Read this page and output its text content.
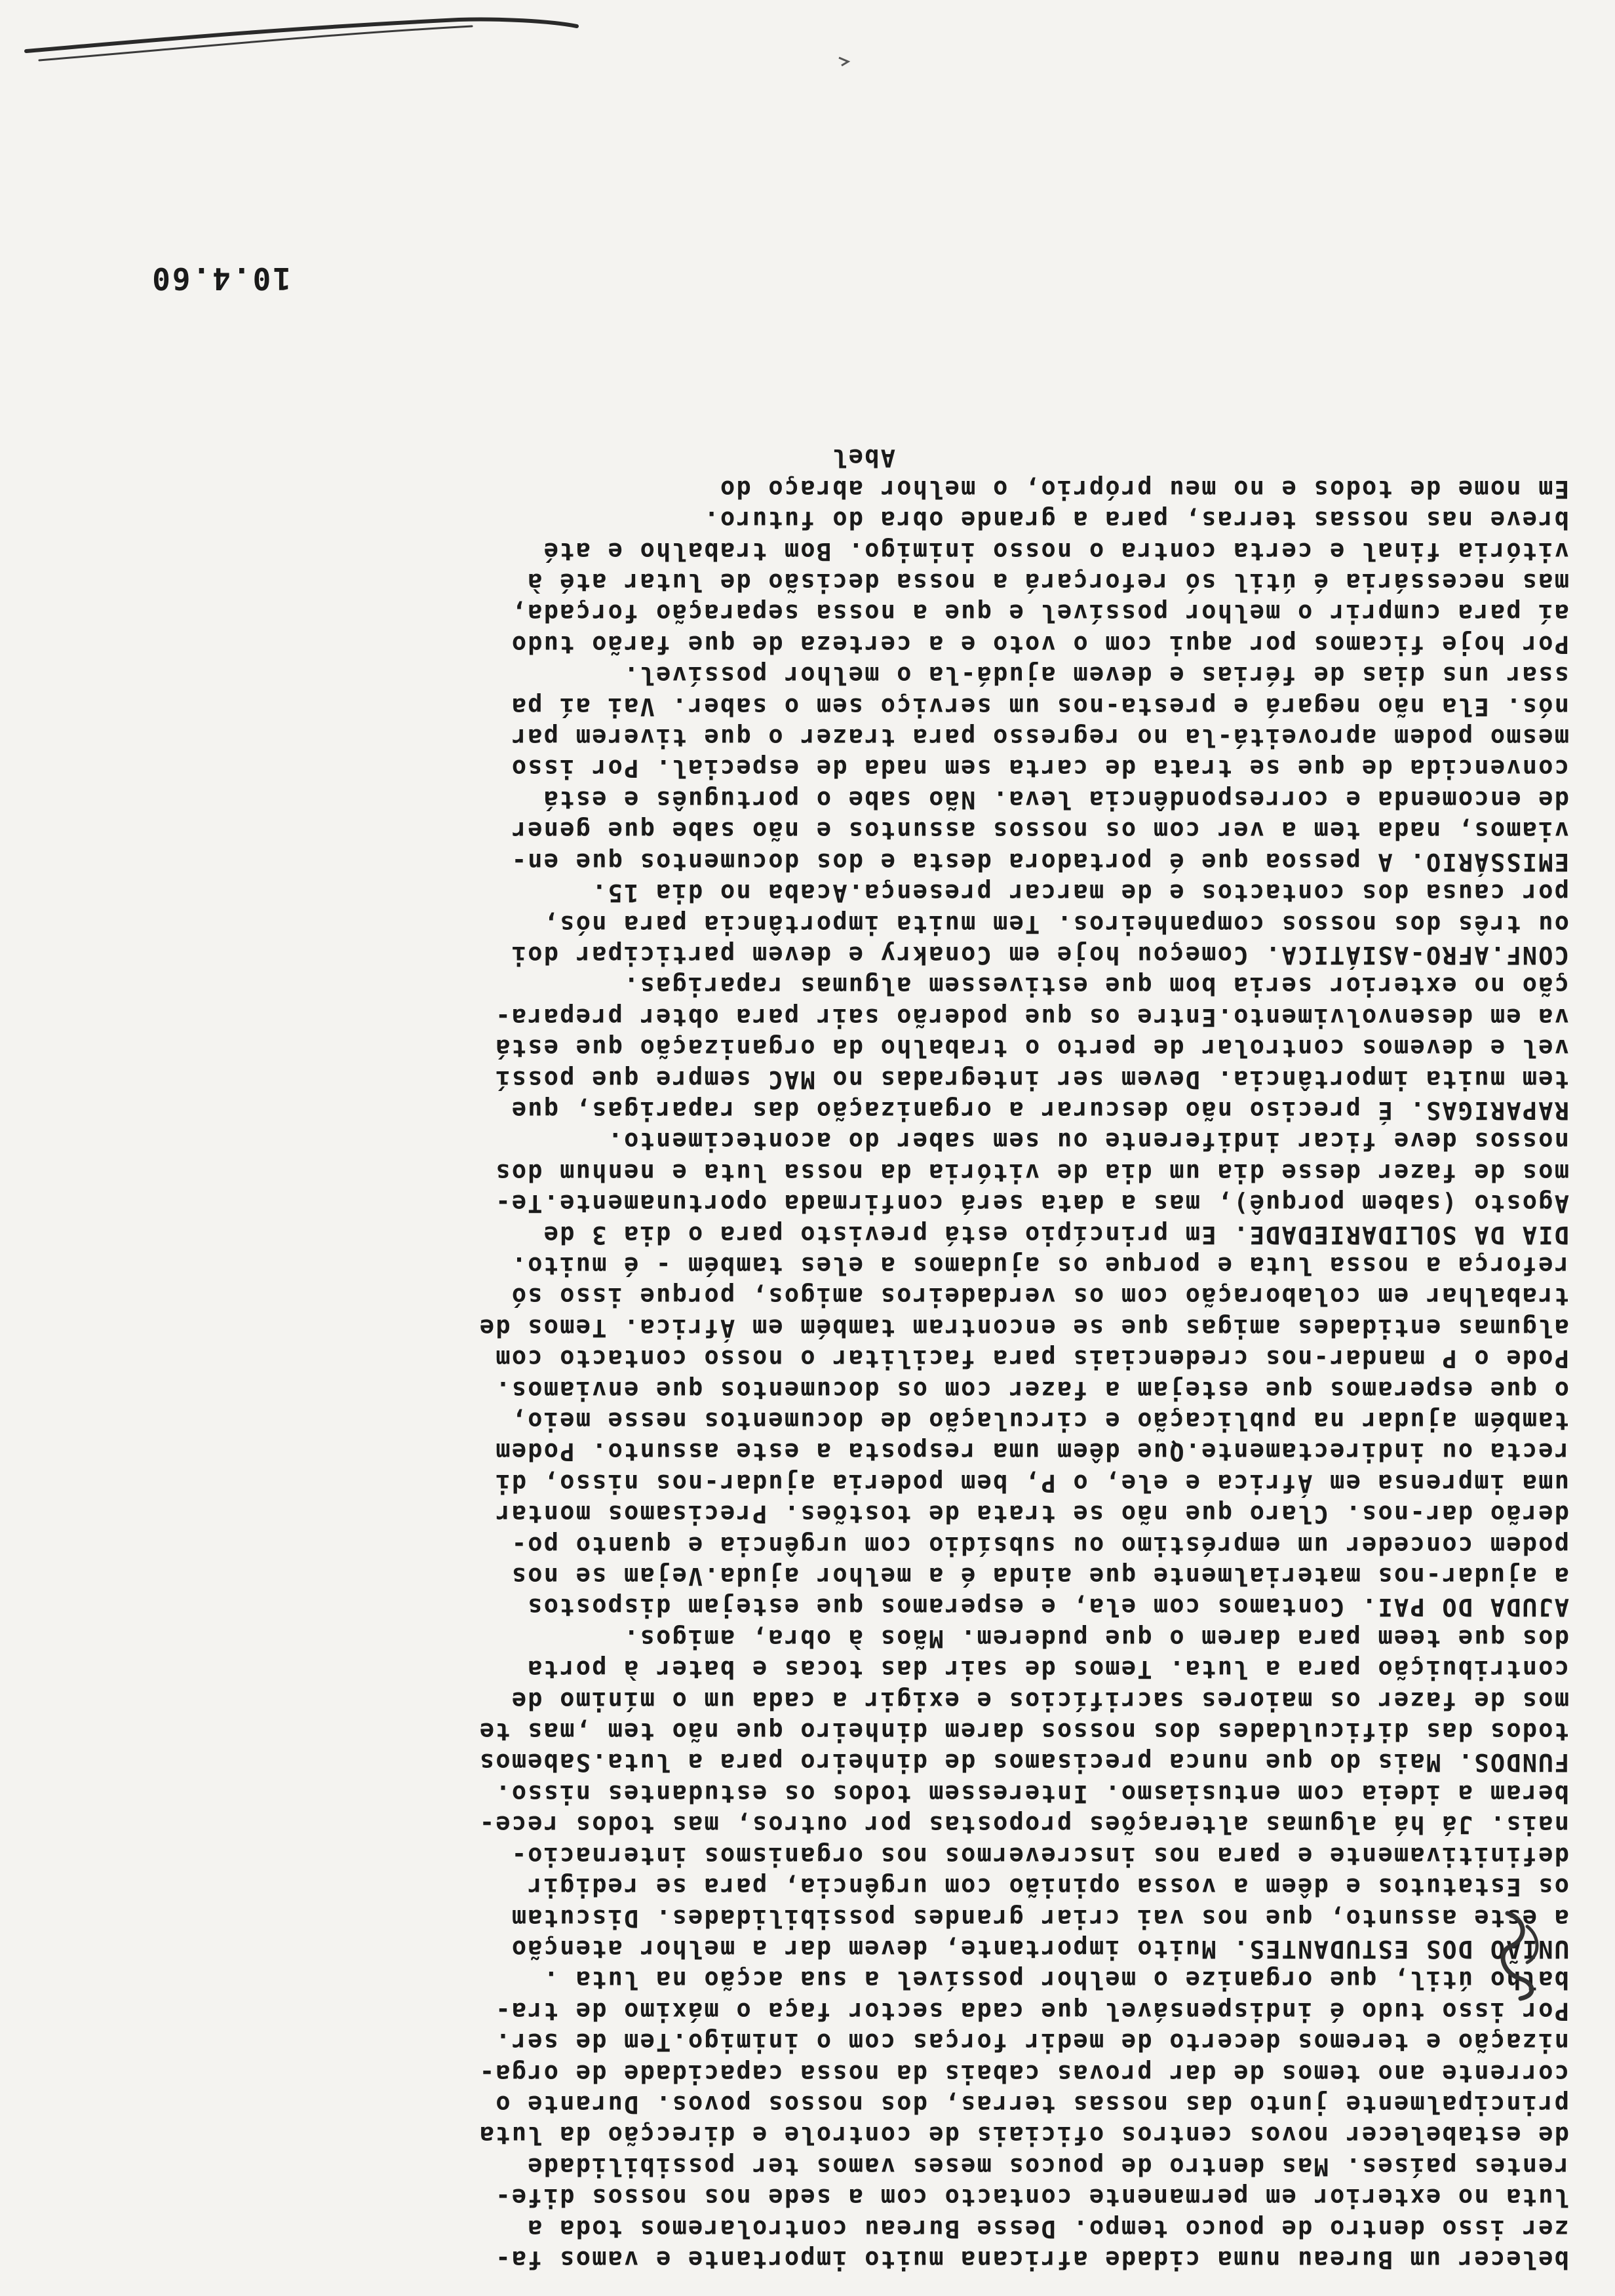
belecer um Bureau numa cidade africana muito importante e vamos fa-
zer isso dentro de pouco tempo. Desse Bureau controlaremos toda a
luta no exterior em permanente contacto com a sede nos nossos dife-
rentes países. Mas dentro de poucos meses vamos ter possibilidade
de estabelecer novos centros oficiais de controle e direcção da luta
principalmente junto das nossas terras, dos nossos povos. Durante o
corrente ano temos de dar provas cabais da nossa capacidade de orga-
nização e teremos decerto de medir forças com o inimigo.Tem de ser.
Por isso tudo é indispensável que cada sector faça o máximo de tra-
balho útil, que organize o melhor possível a sua acção na luta .
UNIÃO DOS ESTUDANTES. Muito importante, devem dar a melhor atenção
a este assunto, que nos vai criar grandes possibilidades. Discutam
os Estatutos e dêem a vossa opinião com urgência, para se redigir
definitivamente e para nos inscrevermos nos organismos internacio-
nais. Já há algumas alterações propostas por outros, mas todos rece-
beram a ideia com entusiasmo. Interessem todos os estudantes nisso.
FUNDOS. Mais do que nunca precisamos de dinheiro para a luta.Sabemos
todos das dificuldades dos nossos darem dinheiro que não tem ,mas te
mos de fazer os maiores sacrifícios e exigir a cada um o mínimo de
contribuição para a luta. Temos de sair das tocas e bater à porta
dos que teem para darem o que puderem. Mãos à obra, amigos.
AJUDA DO PAI. Contamos com ela, e esperamos que estejam dispostos
a ajudar-nos materialmente que ainda é a melhor ajuda.Vejam se nos
podem conceder um empréstimo ou subsídio com urgência e quanto po-
derão dar-nos. Claro que não se trata de tostões. Precisamos montar
uma imprensa em África e ele, o P, bem poderia ajudar-nos nisso, di
recta ou indirectamente.Que dêem uma resposta a este assunto. Podem
também ajudar na publicação e circulação de documentos nesse meio,
o que esperamos que estejam a fazer com os documentos que enviamos.
Pode o P mandar-nos credenciais para facilitar o nosso contacto com
algumas entidades amigas que se encontram também em África. Temos de
trabalhar em colaboração com os verdadeiros amigos, porque isso só
reforça a nossa luta e porque os ajudamos a eles também - é muito.
DIA DA SOLIDARIEDADE. Em princípio está previsto para o dia 3 de
Agosto (sabem porquê), mas a data será confirmada oportunamente.Te-
mos de fazer desse dia um dia de vitória da nossa luta e nenhum dos
nossos deve ficar indiferente ou sem saber do acontecimento.
RAPARIGAS. É preciso não descurar a organização das raparigas, que
tem muita importância. Devem ser integradas no MAC sempre que possí
vel e devemos controlar de perto o trabalho da organização que está
va em desenvolvimento.Entre os que poderão sair para obter prepara-
ção no exterior seria bom que estivessem algumas raparigas.
CONF.AFRO-ASIÁTICA. Começou hoje em Conakry e devem participar doi
ou três dos nossos companheiros. Tem muita importância para nós,
por causa dos contactos e de marcar presença.Acaba no dia 15.
EMISSÁRIO. A pessoa que é portadora desta e dos documentos que en-
viamos, nada tem a ver com os nossos assuntos e não sabe que gener
de encomenda e correspondência leva. Não sabe o português e está
convencida de que se trata de carta sem nada de especial. Por isso
mesmo podem aproveitá-la no regresso para trazer o que tiverem par
nós. Ela não negará e presta-nos um serviço sem o saber. Vai aí pa
ssar uns dias de férias e devem ajudá-la o melhor possível.
Por hoje ficamos por aqui com o voto e a certeza de que farão tudo
aí para cumprir o melhor possível e que a nossa separação forçada,
mas necessária é útil só reforçará a nossa decisão de lutar até à
vitória final e certa contra o nosso inimigo. Bom trabalho e até
breve nas nossas terras, para a grande obra do futuro.
Em nome de todos e no meu próprio, o melhor abraço do
Abel

10.4.60
